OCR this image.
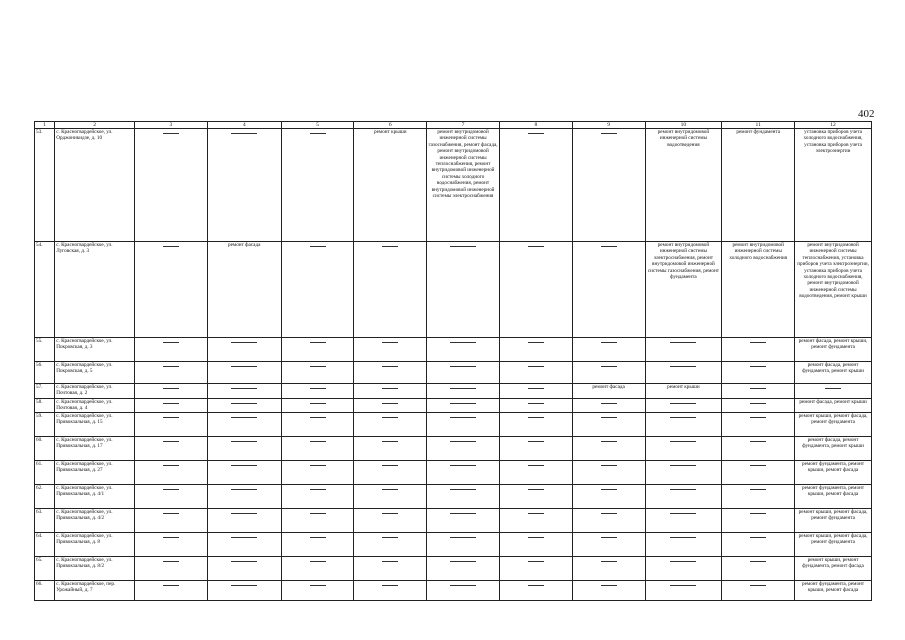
402
1	2	3	4	5	6	7	8	9	10	11	12
53.	с. Красногвардейское, ул. Орджоникидзе, д. 10				ремонт крыши	ремонт внутридомовой инженерной системы газоснабжения, ремонт фасада, ремонт внутридомовой инженерной системы теплоснабжения, ремонт внутридомовой инженерной системы холодного водоснабжения, ремонт внутридомовой инженерной системы электроснабжения			ремонт внутридомовой инженерной системы водоотведения	ремонт фундамента	установка приборов учета холодного водоснабжения, установка приборов учета электроэнергии
54.	с. Красногвардейское, ул. Луговская, д. 3		ремонт фасада						ремонт внутридомовой инженерной системы электроснабжения, ремонт внутридомовой инженерной системы газоснабжения, ремонт фундамента	ремонт внутридомовой инженерной системы холодного водоснабжения	ремонт внутридомовой инженерной системы теплоснабжения, установка приборов учета электроэнергии, установка приборов учета холодного водоснабжения, ремонт внутридомовой инженерной системы водоотведения, ремонт крыши
55.	с. Красногвардейское, ул. Покровская, д. 3										ремонт фасада, ремонт крыши, ремонт фундамента
56.	с. Красногвардейское, ул. Покровская, д. 5										ремонт фасада, ремонт фундамента, ремонт крыши
57.	с. Красногвардейское, ул. Почтовая, д. 2							ремонт фасада	ремонт крыши		
58.	с. Красногвардейское, ул. Почтовая, д. 4										ремонт фасада, ремонт крыши
59.	с. Красногвардейское, ул. Привокзальная, д. 15										ремонт крыши, ремонт фасада, ремонт фундамента
60.	с. Красногвардейское, ул. Привокзальная, д. 17										ремонт фасада, ремонт фундамента, ремонт крыши
61.	с. Красногвардейское, ул. Привокзальная, д. 27										ремонт фундамента, ремонт крыши, ремонт фасада
62.	с. Красногвардейское, ул. Привокзальная, д. 4/1										ремонт фундамента, ремонт крыши, ремонт фасада
63.	с. Красногвардейское, ул. Привокзальная, д. 4/2										ремонт крыши, ремонт фасада, ремонт фундамента
64.	с. Красногвардейское, ул. Привокзальная, д. 8										ремонт крыши, ремонт фасада, ремонт фундамента
65.	с. Красногвардейское, ул. Привокзальная, д. 8/2										ремонт крыши, ремонт фундамента, ремонт фасада
66.	с. Красногвардейское, пер. Урожайный, д. 7										ремонт фундамента, ремонт крыши, ремонт фасада
